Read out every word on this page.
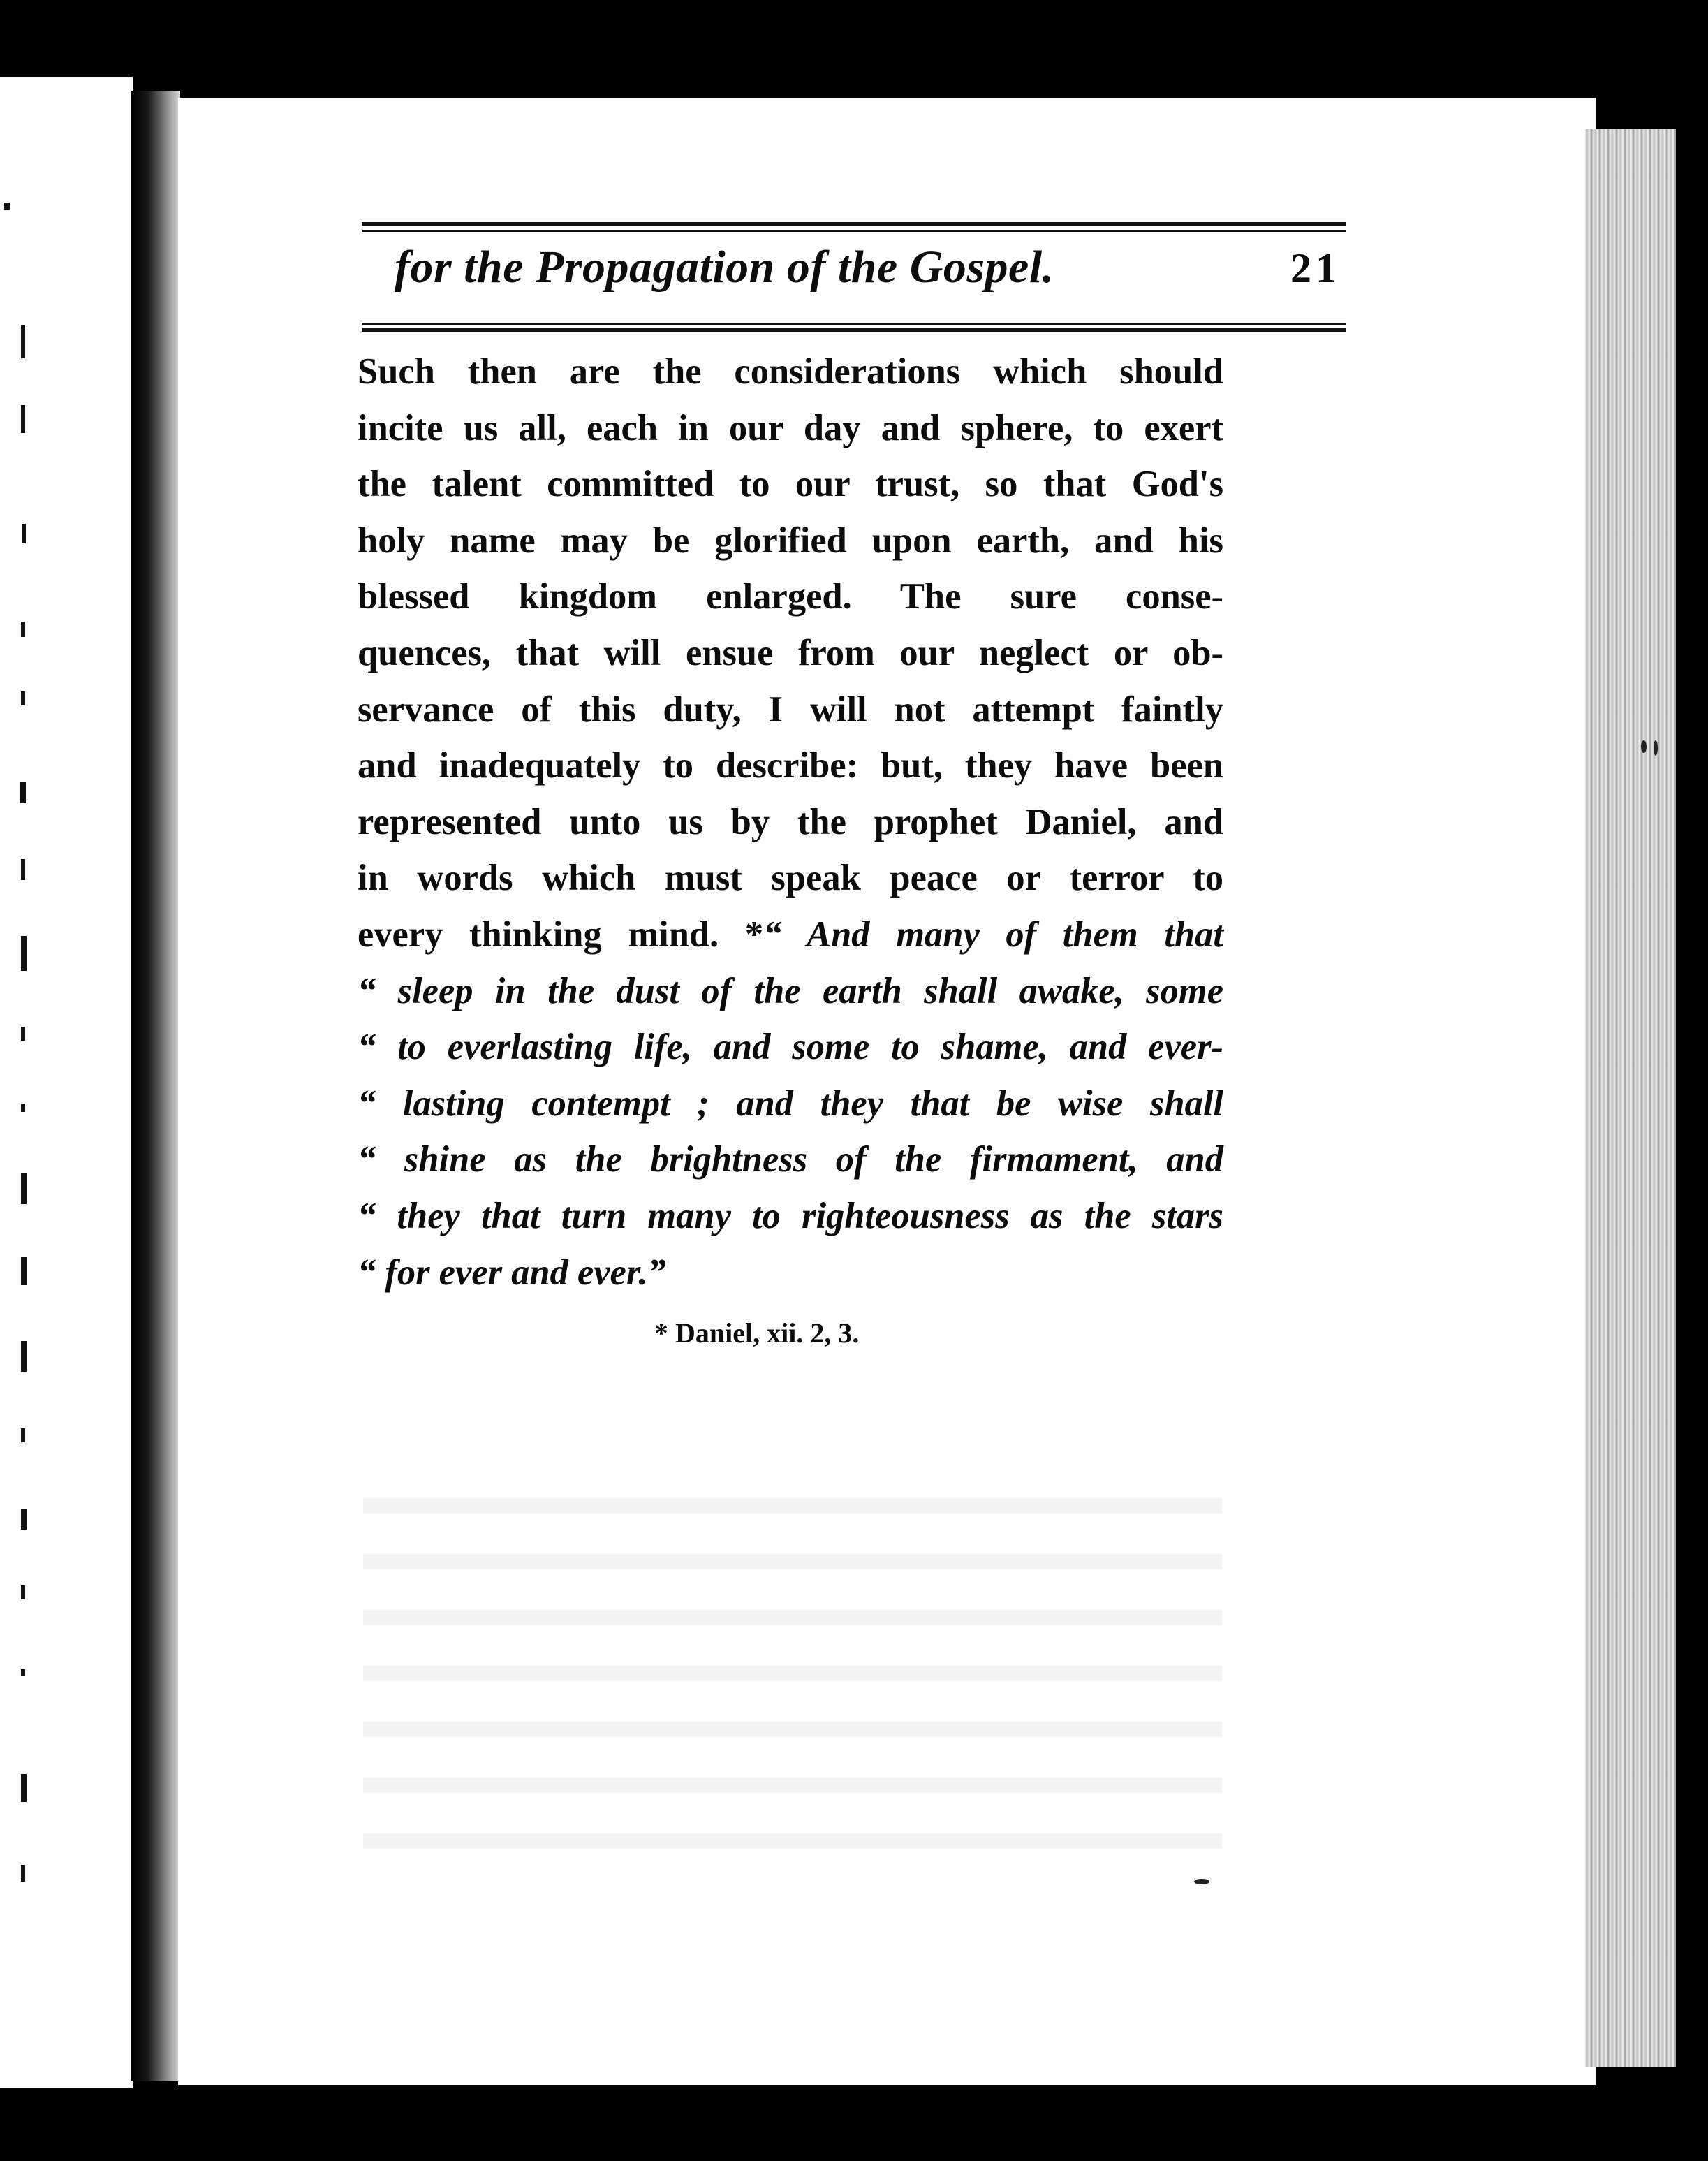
for the Propagation of the Gospel.	21
Such then are the considerations which should
incite us all, each in our day and sphere, to exert
the talent committed to our trust, so that God's
holy name may be glorified upon earth, and his
blessed kingdom enlarged. The sure conse-
quences, that will ensue from our neglect or ob-
servance of this duty, I will not attempt faintly
and inadequately to describe: but, they have been
represented unto us by the prophet Daniel, and
in words which must speak peace or terror to
every thinking mind. *“ And many of them that
“ sleep in the dust of the earth shall awake, some
“ to everlasting life, and some to shame, and ever-
“ lasting contempt ; and they that be wise shall
“ shine as the brightness of the firmament, and
“ they that turn many to righteousness as the stars
“ for ever and ever.”
* Daniel, xii. 2, 3.
